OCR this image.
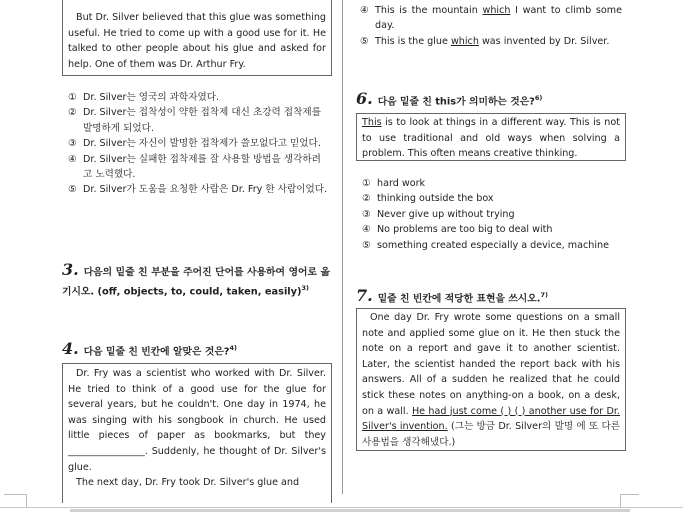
But Dr. Silver believed that this glue was something useful. He tried to come up with a good use for it. He talked to other people about his glue and asked for help. One of them was Dr. Arthur Fry.

① Dr. Silver는 영국의 과학자였다.
② Dr. Silver는 접착성이 약한 접착제 대신 초강력 접착제를 발명하게 되었다.
③ Dr. Silver는 자신이 발명한 접착제가 쓸모없다고 믿었다.
④ Dr. Silver는 실패한 접착제를 잘 사용할 방법을 생각하려고 노력했다.
⑤ Dr. Silver가 도움을 요청한 사람은 Dr. Fry 한 사람이었다.
3. 다음의 밑줄 친 부분을 주어진 단어를 사용하여 영어로 옮기시오. (off, objects, to, could, taken, easily)$^{3)}$
4. 다음 밑줄 친 빈칸에 알맞은 것은?$^{4)}$

Dr. Fry was a scientist who worked with Dr. Silver. He tried to think of a good use for the glue for several years, but he couldn't. One day in 1974, he was singing with his songbook in church. He used little pieces of paper as bookmarks, but they ________________. Suddenly, he thought of Dr. Silver's glue.

The next day, Dr. Fry took Dr. Silver's glue and

④ This is the mountain which I want to climb some day.
⑤ This is the glue which was invented by Dr. Silver.
6. 다음 밑줄 친 this가 의미하는 것은?$^{6)}$

This is to look at things in a different way. This is not to use traditional and old ways when solving a problem. This often means creative thinking.

① hard work
② thinking outside the box
③ Never give up without trying
④ No problems are too big to deal with
⑤ something created especially a device, machine
7. 밑줄 친 빈칸에 적당한 표현을 쓰시오.$^{7)}$

One day Dr. Fry wrote some questions on a small note and applied some glue on it. He then stuck the note on a report and gave it to another scientist. Later, the scientist handed the report back with his answers. All of a sudden he realized that he could stick these notes on anything-on a book, on a desk, on a wall. He had just come ( ) ( ) another use for Dr. Silver's invention. (그는 방금 Dr. Silver의 발명 에 또 다른 사용법을 생각해냈다.)
